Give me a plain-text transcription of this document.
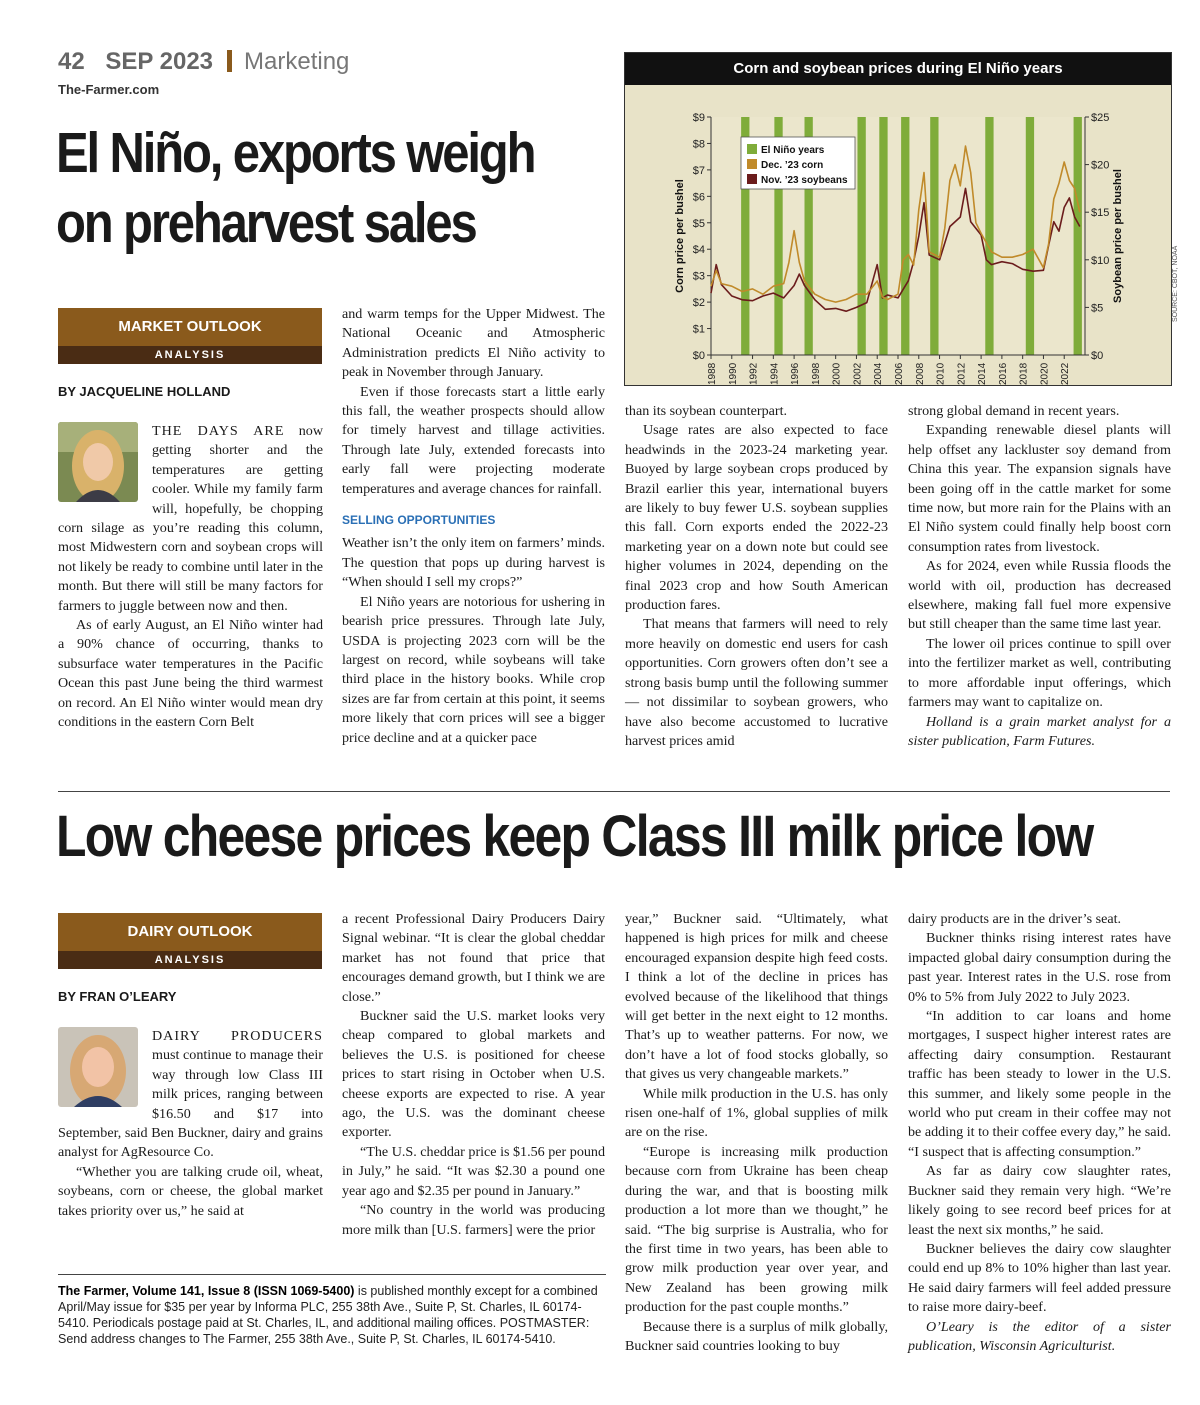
42 SEP 2023 Marketing
The-Farmer.com
El Niño, exports weigh
on preharvest sales
Corn and soybean prices during El Niño years
$0
$1
$2
$3
$4
$5
$6
$7
$8
$9
$0
$5
$10
$15
$20
$25
1988 1990 1992 1994 1996 1998 2000 2002 2004 2006 2008 2010 2012 2014 2016 2018 2020 2022
Corn price per bushel	Soybean price per bushel
El Niño years
Dec. ’23 corn
Nov. ’23 soybeans
SOURCE: CBOT, NOAA
MARKET OUTLOOK
ANALYSIS
BY JACQUELINE HOLLAND

THE DAYS ARE now getting shorter and the temperatures are getting cooler. While my family farm will, hopefully, be chopping corn silage as you’re reading this column, most Midwestern corn and soybean crops will not likely be ready to combine until later in the month. But there will still be many factors for farmers to juggle between now and then.

As of early August, an El Niño winter had a 90% chance of occurring, thanks to subsurface water temperatures in the Pacific Ocean this past June being the third warmest on record. An El Niño winter would mean dry conditions in the eastern Corn Belt

and warm temps for the Upper Midwest. The National Oceanic and Atmospheric Administration predicts El Niño activity to peak in November through January.

Even if those forecasts start a little early this fall, the weather prospects should allow for timely harvest and tillage activities. Through late July, extended forecasts into early fall were projecting moderate temperatures and average chances for rainfall.

SELLING OPPORTUNITIES

Weather isn’t the only item on farmers’ minds. The question that pops up during harvest is “When should I sell my crops?”

El Niño years are notorious for ushering in bearish price pressures. Through late July, USDA is projecting 2023 corn will be the largest on record, while soybeans will take third place in the history books. While crop sizes are far from certain at this point, it seems more likely that corn prices will see a bigger price decline and at a quicker pace

than its soybean counterpart.

Usage rates are also expected to face headwinds in the 2023-24 marketing year. Buoyed by large soybean crops produced by Brazil earlier this year, international buyers are likely to buy fewer U.S. soybean supplies this fall. Corn exports ended the 2022-23 marketing year on a down note but could see higher volumes in 2024, depending on the final 2023 crop and how South American production fares.

That means that farmers will need to rely more heavily on domestic end users for cash opportunities. Corn growers often don’t see a strong basis bump until the following summer — not dissimilar to soybean growers, who have also become accustomed to lucrative harvest prices amid

strong global demand in recent years.

Expanding renewable diesel plants will help offset any lackluster soy demand from China this year. The expansion signals have been going off in the cattle market for some time now, but more rain for the Plains with an El Niño system could finally help boost corn consumption rates from livestock.

As for 2024, even while Russia floods the world with oil, production has decreased elsewhere, making fall fuel more expensive but still cheaper than the same time last year.

The lower oil prices continue to spill over into the fertilizer market as well, contributing to more affordable input offerings, which farmers may want to capitalize on.

Holland is a grain market analyst for a sister publication, Farm Futures.

Low cheese prices keep Class III milk price low
DAIRY OUTLOOK
ANALYSIS
BY FRAN O’LEARY

DAIRY PRODUCERS must continue to manage their way through low Class III milk prices, ranging between $16.50 and $17 into September, said Ben Buckner, dairy and grains analyst for AgResource Co.

“Whether you are talking crude oil, wheat, soybeans, corn or cheese, the global market takes priority over us,” he said at

a recent Professional Dairy Producers Dairy Signal webinar. “It is clear the global cheddar market has not found that price that encourages demand growth, but I think we are close.”

Buckner said the U.S. market looks very cheap compared to global markets and believes the U.S. is positioned for cheese prices to start rising in October when U.S. cheese exports are expected to rise. A year ago, the U.S. was the dominant cheese exporter.

“The U.S. cheddar price is $1.56 per pound in July,” he said. “It was $2.30 a pound one year ago and $2.35 per pound in January.”

“No country in the world was producing more milk than [U.S. farmers] were the prior

year,” Buckner said. “Ultimately, what happened is high prices for milk and cheese encouraged expansion despite high feed costs. I think a lot of the decline in prices has evolved because of the likelihood that things will get better in the next eight to 12 months. That’s up to weather patterns. For now, we don’t have a lot of food stocks globally, so that gives us very changeable markets.”

While milk production in the U.S. has only risen one-half of 1%, global supplies of milk are on the rise.

“Europe is increasing milk production because corn from Ukraine has been cheap during the war, and that is boosting milk production a lot more than we thought,” he said. “The big surprise is Australia, who for the first time in two years, has been able to grow milk production year over year, and New Zealand has been growing milk production for the past couple months.”

Because there is a surplus of milk globally, Buckner said countries looking to buy

dairy products are in the driver’s seat.

Buckner thinks rising interest rates have impacted global dairy consumption during the past year. Interest rates in the U.S. rose from 0% to 5% from July 2022 to July 2023.

“In addition to car loans and home mortgages, I suspect higher interest rates are affecting dairy consumption. Restaurant traffic has been steady to lower in the U.S. this summer, and likely some people in the world who put cream in their coffee may not be adding it to their coffee every day,” he said. “I suspect that is affecting consumption.”

As far as dairy cow slaughter rates, Buckner said they remain very high. “We’re likely going to see record beef prices for at least the next six months,” he said.

Buckner believes the dairy cow slaughter could end up 8% to 10% higher than last year. He said dairy farmers will feel added pressure to raise more dairy-beef.

O’Leary is the editor of a sister publication, Wisconsin Agriculturist.

The Farmer, Volume 141, Issue 8 (ISSN 1069-5400) is published monthly except for a combined April/May issue for $35 per year by Informa PLC, 255 38th Ave., Suite P, St. Charles, IL 60174-5410. Periodicals postage paid at St. Charles, IL, and additional mailing offices. POSTMASTER: Send address changes to The Farmer, 255 38th Ave., Suite P, St. Charles, IL 60174-5410.
